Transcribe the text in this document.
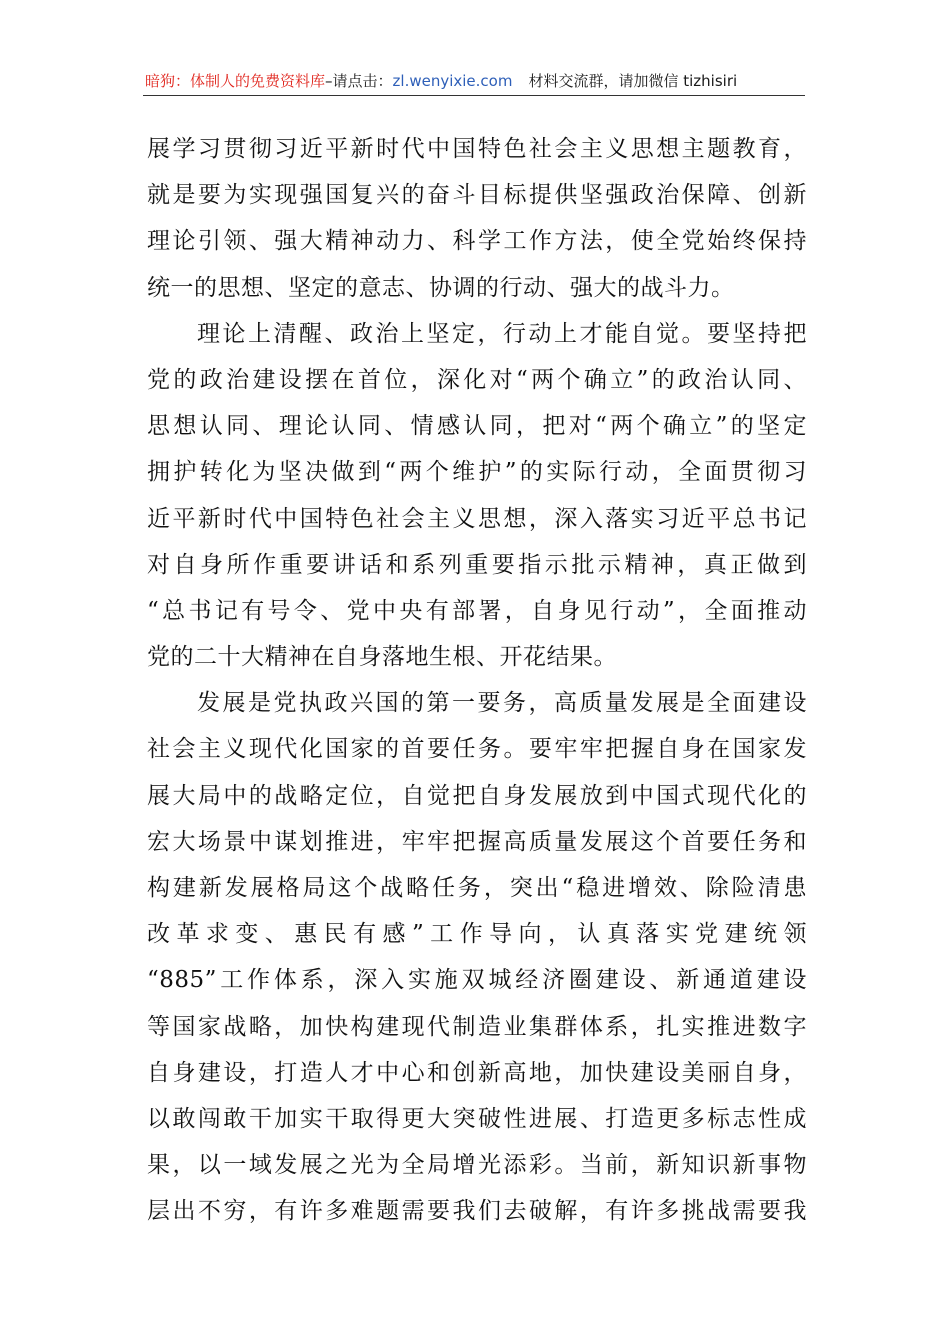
暗狗：体制人的免费资料库–请点击：zl.wenyixie.com 材料交流群，请加微信 tizhisiri
展学习贯彻习近平新时代中国特色社会主义思想主题教育，
就是要为实现强国复兴的奋斗目标提供坚强政治保障、创新
理论引领、强大精神动力、科学工作方法，使全党始终保持
统一的思想、坚定的意志、协调的行动、强大的战斗力。
理论上清醒、政治上坚定，行动上才能自觉。要坚持把
党的政治建设摆在首位，深化对“两个确立”的政治认同、
思想认同、理论认同、情感认同，把对“两个确立”的坚定
拥护转化为坚决做到“两个维护”的实际行动，全面贯彻习
近平新时代中国特色社会主义思想，深入落实习近平总书记
对自身所作重要讲话和系列重要指示批示精神，真正做到
“总书记有号令、党中央有部署，自身见行动”，全面推动
党的二十大精神在自身落地生根、开花结果。
发展是党执政兴国的第一要务，高质量发展是全面建设
社会主义现代化国家的首要任务。要牢牢把握自身在国家发
展大局中的战略定位，自觉把自身发展放到中国式现代化的
宏大场景中谋划推进，牢牢把握高质量发展这个首要任务和
构建新发展格局这个战略任务，突出“稳进增效、除险清患
改革求变、惠民有感”工作导向，认真落实党建统领
“885”工作体系，深入实施双城经济圈建设、新通道建设
等国家战略，加快构建现代制造业集群体系，扎实推进数字
自身建设，打造人才中心和创新高地，加快建设美丽自身，
以敢闯敢干加实干取得更大突破性进展、打造更多标志性成
果，以一域发展之光为全局增光添彩。当前，新知识新事物
层出不穷，有许多难题需要我们去破解，有许多挑战需要我
